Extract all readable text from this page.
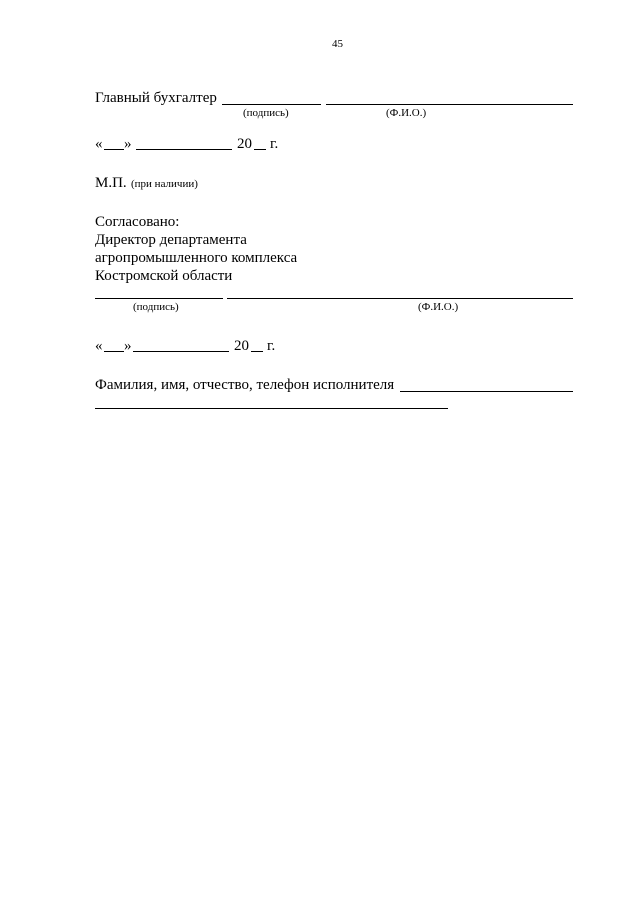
45
Главный бухгалтер
(подпись)	(Ф.И.О.)
« »	20 г.
М.П. (при наличии)
Согласовано:
Директор департамента
агропромышленного комплекса
Костромской области
(подпись)	(Ф.И.О.)
« »	20 г.
Фамилия, имя, отчество, телефон исполнителя
